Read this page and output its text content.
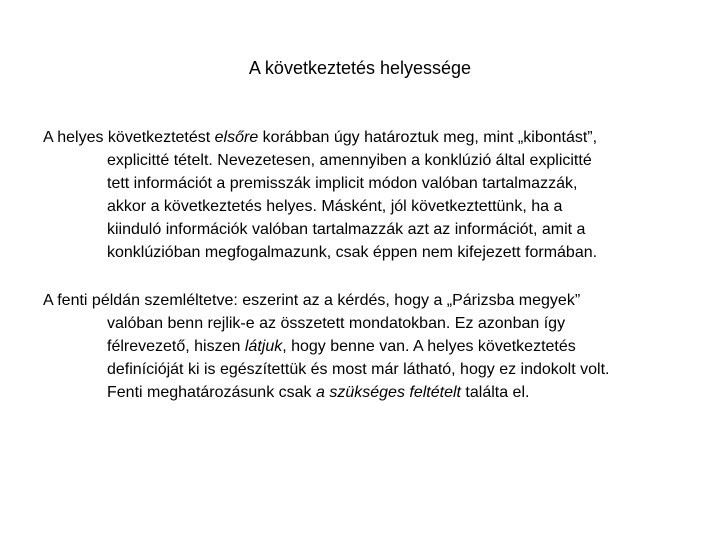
A következtetés helyessége

A helyes következtetést elsőre korábban úgy határoztuk meg, mint „kibontást”,
explicitté tételt. Nevezetesen, amennyiben a konklúzió által explicitté
tett információt a premisszák implicit módon valóban tartalmazzák,
akkor a következtetés helyes. Másként, jól következtettünk, ha a
kiinduló információk valóban tartalmazzák azt az információt, amit a
konklúzióban megfogalmazunk, csak éppen nem kifejezett formában.

A fenti példán szemléltetve: eszerint az a kérdés, hogy a „Párizsba megyek”
valóban benn rejlik-e az összetett mondatokban. Ez azonban így
félrevezető, hiszen látjuk, hogy benne van. A helyes következtetés
definícióját ki is egészítettük és most már látható, hogy ez indokolt volt.
Fenti meghatározásunk csak a szükséges feltételt találta el.
